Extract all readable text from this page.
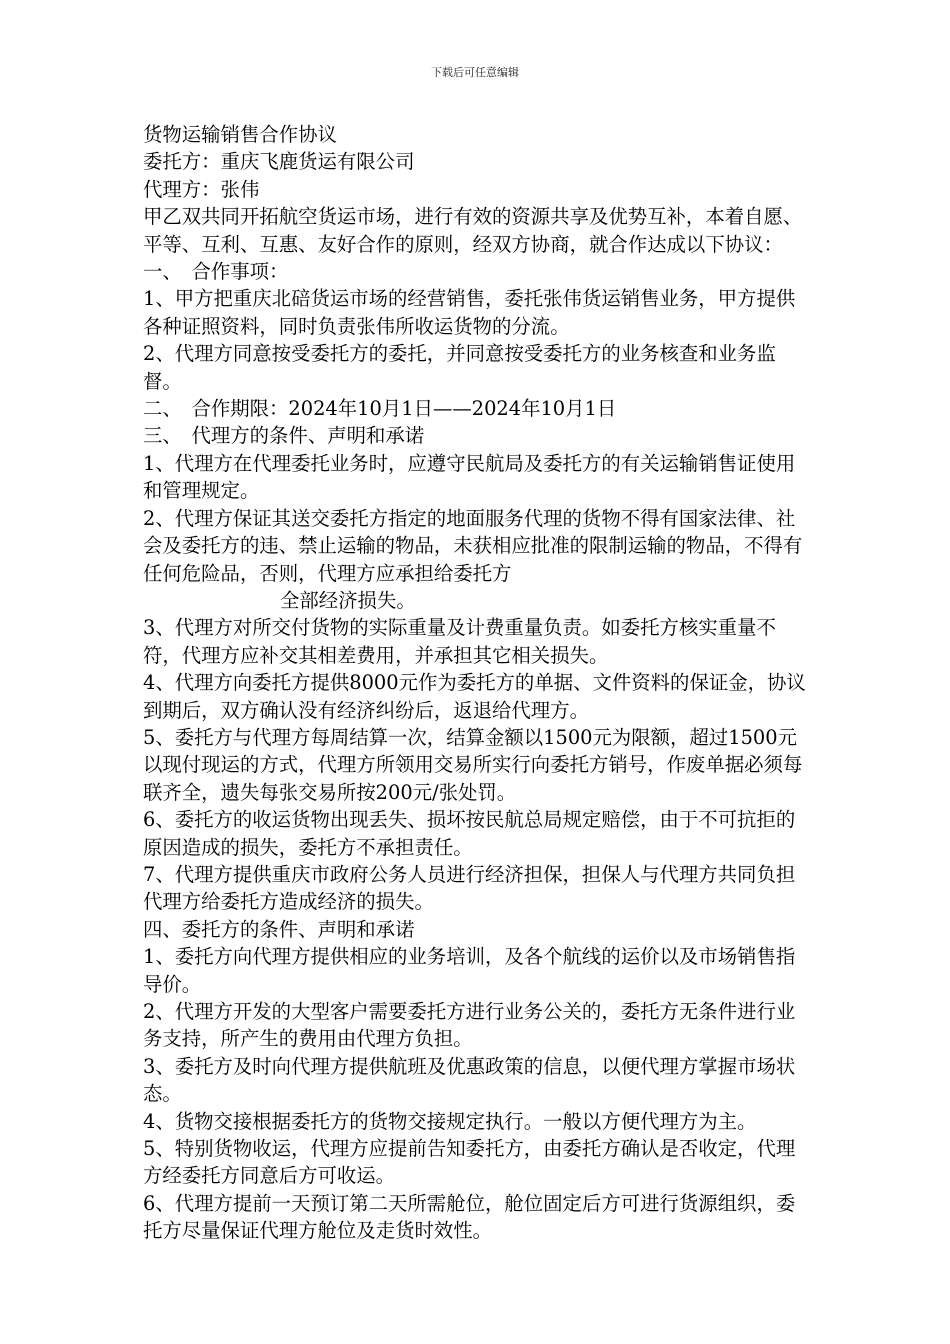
下载后可任意编辑

货物运输销售合作协议

委托方：重庆飞鹿货运有限公司

代理方：张伟

甲乙双共同开拓航空货运市场，进行有效的资源共享及优势互补，本着自愿、平等、互利、互惠、友好合作的原则，经双方协商，就合作达成以下协议：

一、　合作事项：

1、甲方把重庆北碚货运市场的经营销售，委托张伟货运销售业务，甲方提供各种证照资料，同时负责张伟所收运货物的分流。

2、代理方同意按受委托方的委托，并同意按受委托方的业务核查和业务监督。

二、　合作期限：2024年10月1日——2024年10月1日

三、　代理方的条件、声明和承诺

1、代理方在代理委托业务时，应遵守民航局及委托方的有关运输销售证使用和管理规定。

2、代理方保证其送交委托方指定的地面服务代理的货物不得有国家法律、社会及委托方的违、禁止运输的物品，未获相应批准的限制运输的物品，不得有任何危险品，否则，代理方应承担给委托方

全部经济损失。

3、代理方对所交付货物的实际重量及计费重量负责。如委托方核实重量不符，代理方应补交其相差费用，并承担其它相关损失。

4、代理方向委托方提供8000元作为委托方的单据、文件资料的保证金，协议到期后，双方确认没有经济纠纷后，返退给代理方。

5、委托方与代理方每周结算一次，结算金额以1500元为限额，超过1500元以现付现运的方式，代理方所领用交易所实行向委托方销号，作废单据必须每联齐全，遗失每张交易所按200元/张处罚。

6、委托方的收运货物出现丢失、损坏按民航总局规定赔偿，由于不可抗拒的原因造成的损失，委托方不承担责任。

7、代理方提供重庆市政府公务人员进行经济担保，担保人与代理方共同负担代理方给委托方造成经济的损失。

四、委托方的条件、声明和承诺

1、委托方向代理方提供相应的业务培训，及各个航线的运价以及市场销售指导价。

2、代理方开发的大型客户需要委托方进行业务公关的，委托方无条件进行业务支持，所产生的费用由代理方负担。

3、委托方及时向代理方提供航班及优惠政策的信息，以便代理方掌握市场状态。

4、货物交接根据委托方的货物交接规定执行。一般以方便代理方为主。

5、特别货物收运，代理方应提前告知委托方，由委托方确认是否收定，代理方经委托方同意后方可收运。

6、代理方提前一天预订第二天所需舱位，舱位固定后方可进行货源组织，委托方尽量保证代理方舱位及走货时效性。
